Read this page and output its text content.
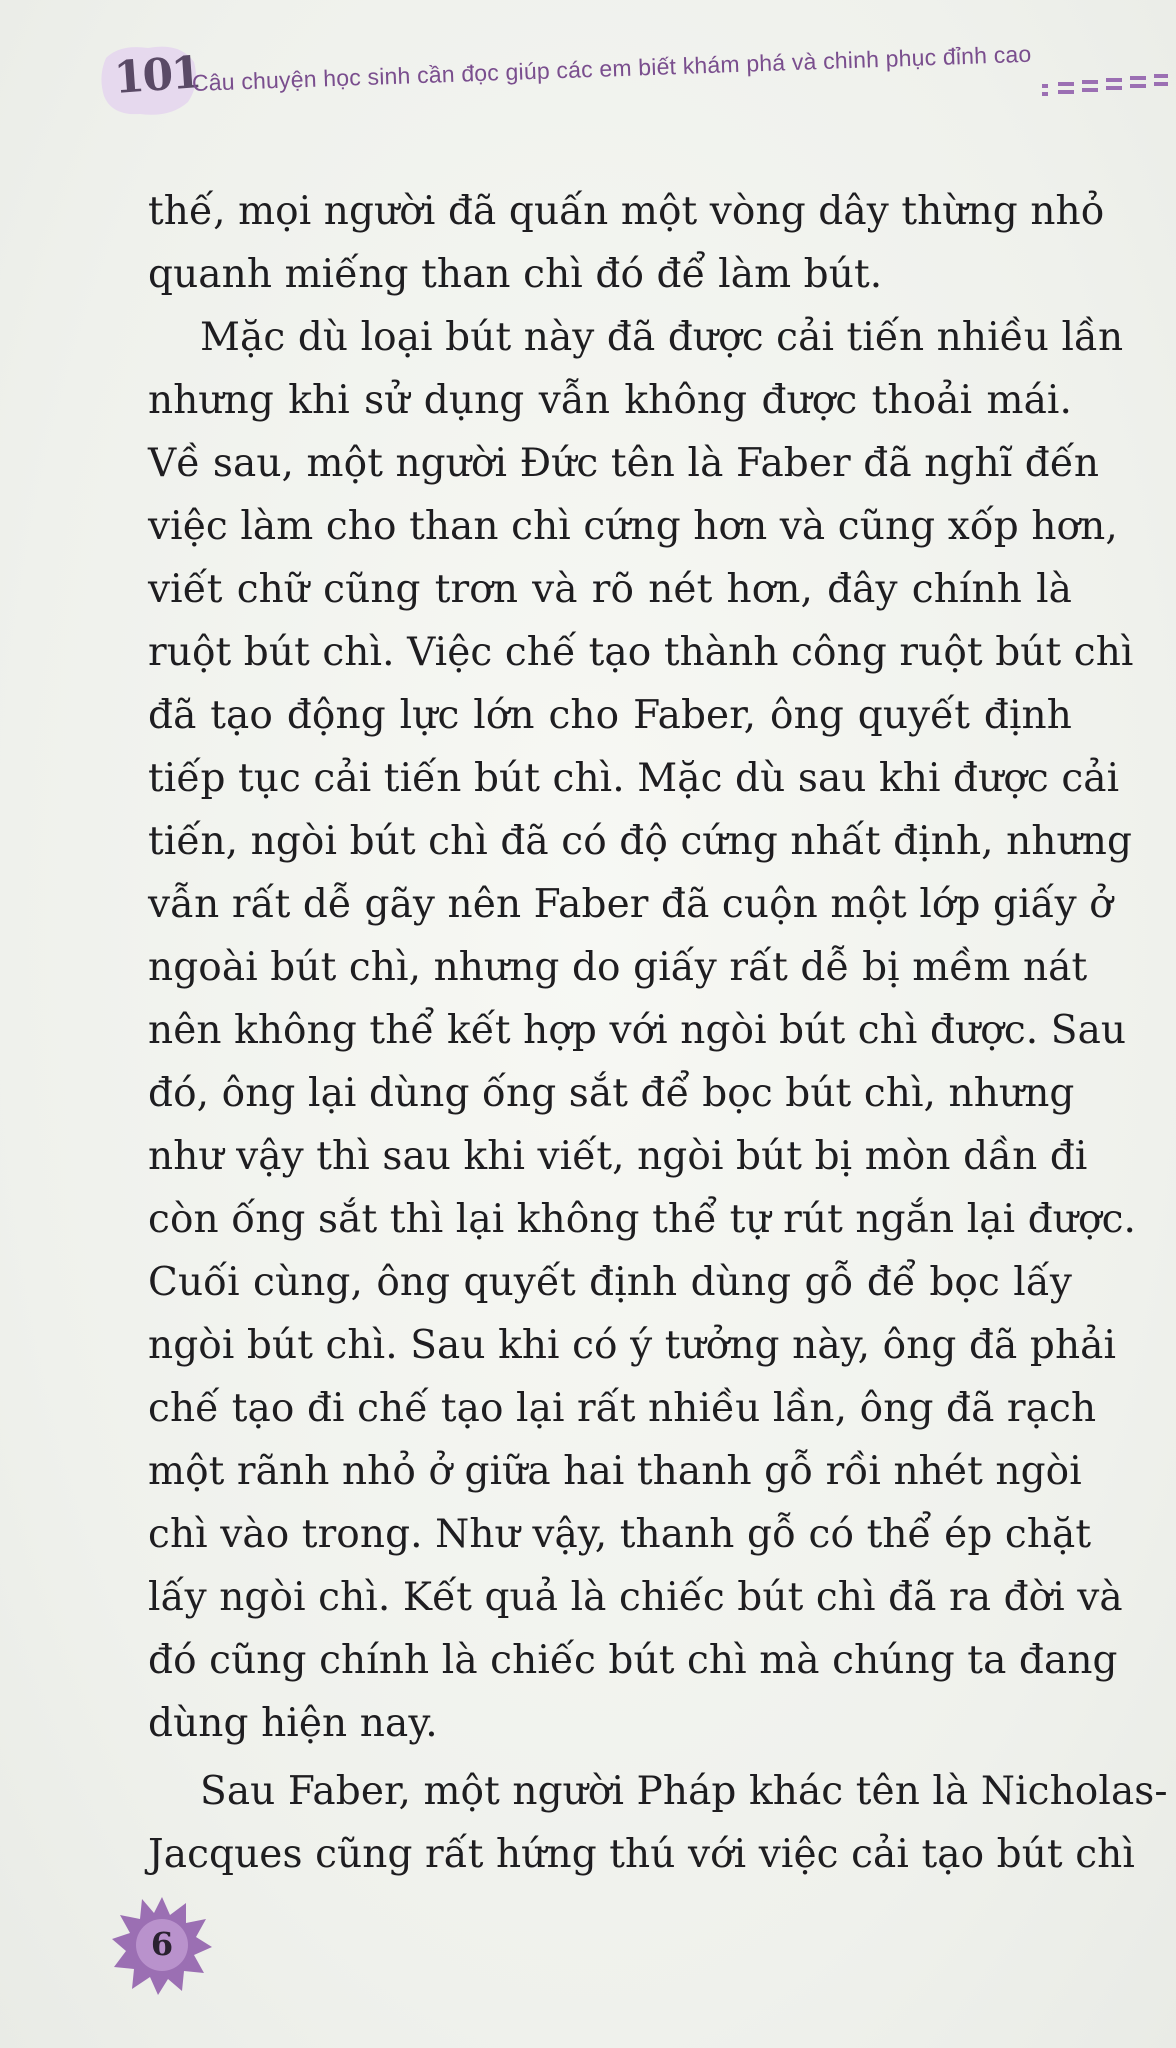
101
Câu chuyện học sinh cần đọc giúp các em biết khám phá và chinh phục đỉnh cao
thế, mọi người đã quấn một vòng dây thừng nhỏ
quanh miếng than chì đó để làm bút.
Mặc dù loại bút này đã được cải tiến nhiều lần
nhưng khi sử dụng vẫn không được thoải mái.
Về sau, một người Đức tên là Faber đã nghĩ đến
việc làm cho than chì cứng hơn và cũng xốp hơn,
viết chữ cũng trơn và rõ nét hơn, đây chính là
ruột bút chì. Việc chế tạo thành công ruột bút chì
đã tạo động lực lớn cho Faber, ông quyết định
tiếp tục cải tiến bút chì. Mặc dù sau khi được cải
tiến, ngòi bút chì đã có độ cứng nhất định, nhưng
vẫn rất dễ gãy nên Faber đã cuộn một lớp giấy ở
ngoài bút chì, nhưng do giấy rất dễ bị mềm nát
nên không thể kết hợp với ngòi bút chì được. Sau
đó, ông lại dùng ống sắt để bọc bút chì, nhưng
như vậy thì sau khi viết, ngòi bút bị mòn dần đi
còn ống sắt thì lại không thể tự rút ngắn lại được.
Cuối cùng, ông quyết định dùng gỗ để bọc lấy
ngòi bút chì. Sau khi có ý tưởng này, ông đã phải
chế tạo đi chế tạo lại rất nhiều lần, ông đã rạch
một rãnh nhỏ ở giữa hai thanh gỗ rồi nhét ngòi
chì vào trong. Như vậy, thanh gỗ có thể ép chặt
lấy ngòi chì. Kết quả là chiếc bút chì đã ra đời và
đó cũng chính là chiếc bút chì mà chúng ta đang
dùng hiện nay.
Sau Faber, một người Pháp khác tên là Nicholas-
Jacques cũng rất hứng thú với việc cải tạo bút chì
6
